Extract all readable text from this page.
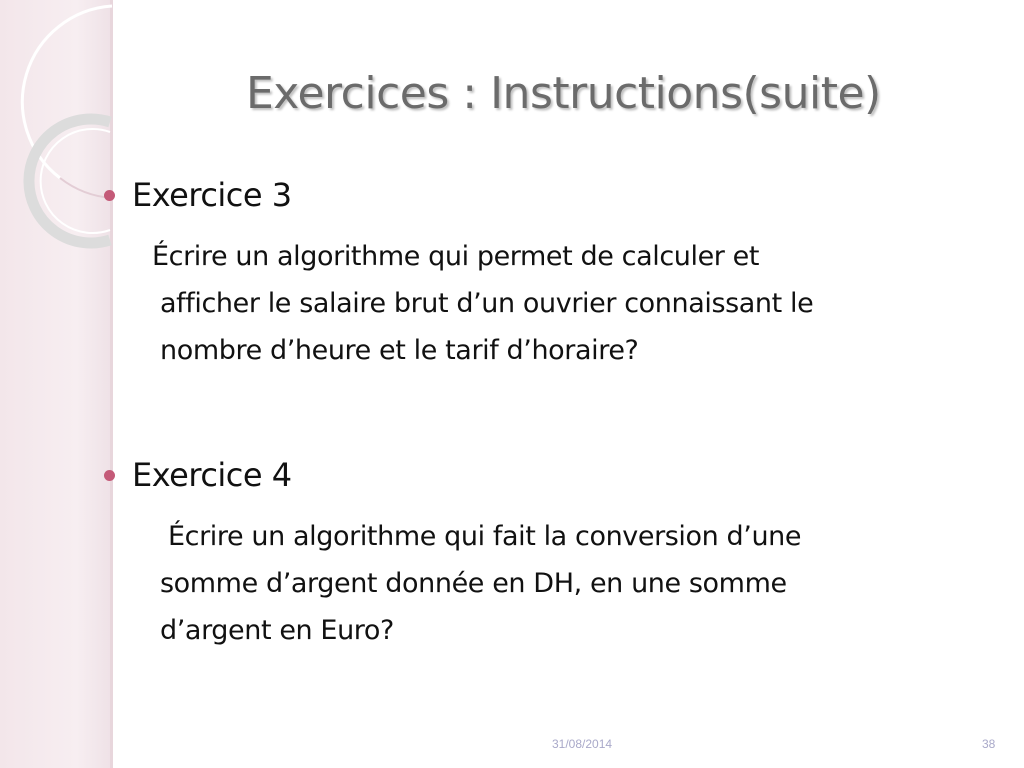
Exercices : Instructions(suite)
Exercice 3
Écrire un algorithme qui permet de calculer et
afficher le salaire brut d’un ouvrier connaissant le
nombre d’heure et le tarif d’horaire?
Exercice 4
Écrire un algorithme qui fait la conversion d’une
somme d’argent donnée en DH, en une somme
d’argent en Euro?
31/08/2014	38
